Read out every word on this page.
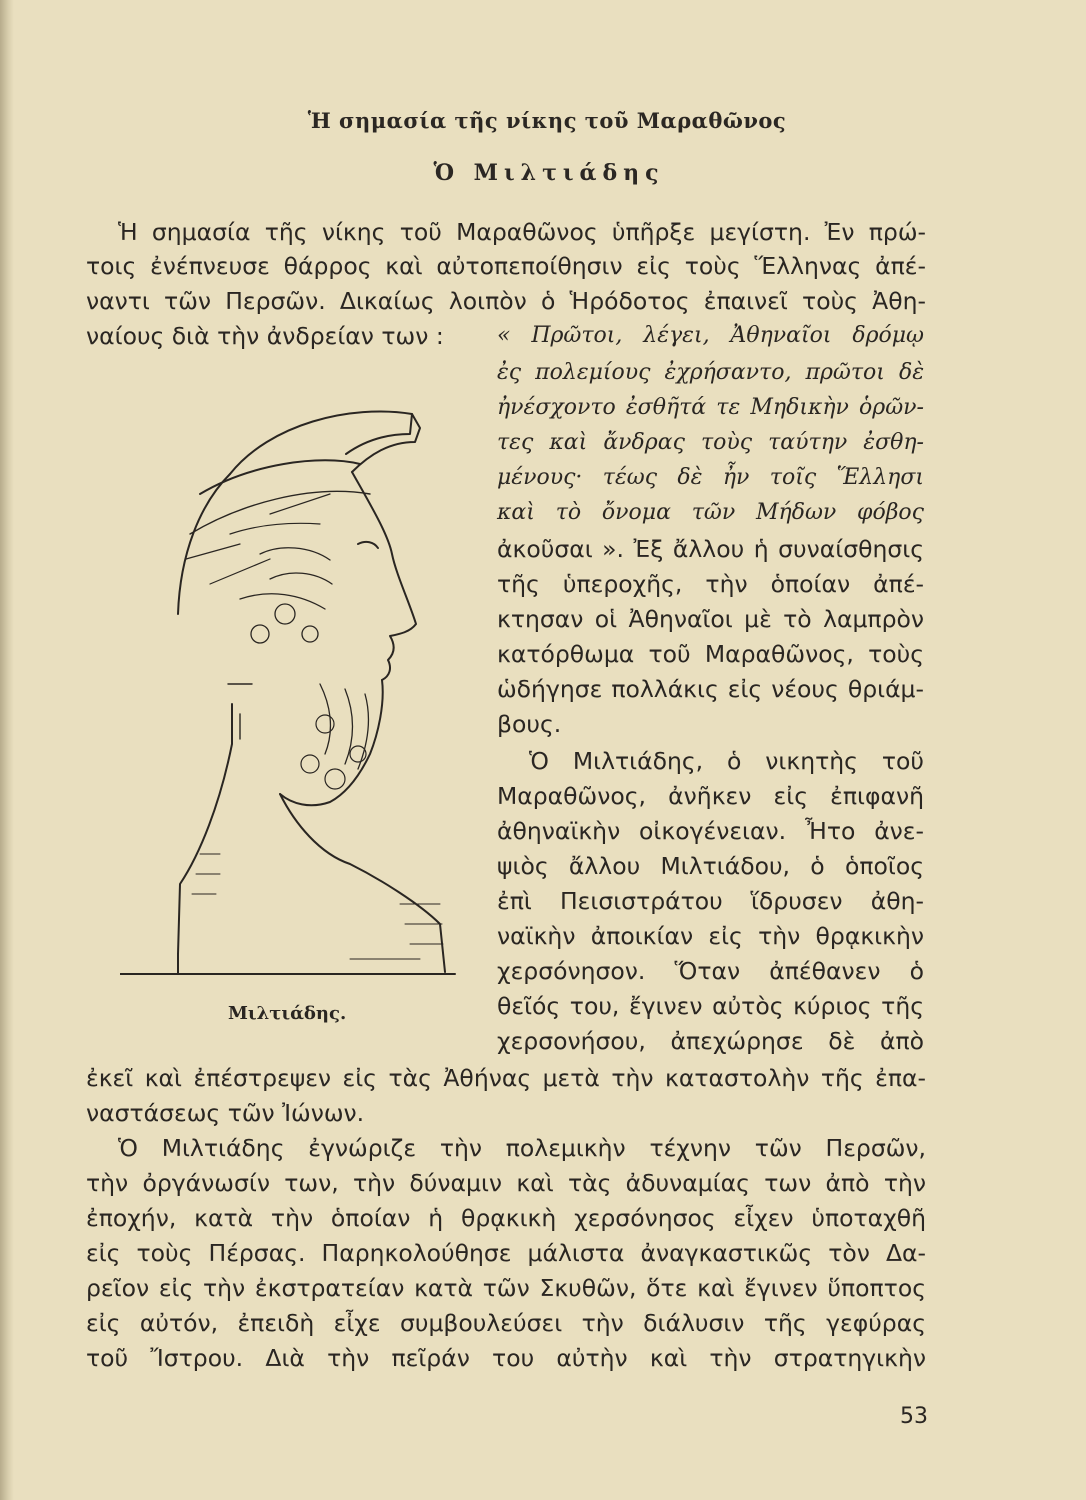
Ἡ σημασία τῆς νίκης τοῦ Μαραθῶνος
Ὁ Μιλτιάδης
Ἡ σημασία τῆς νίκης τοῦ Μαραθῶνος ὑπῆρξε μεγίστη. Ἐν πρώ-
τοις ἐνέπνευσε θάρρος καὶ αὐτοπεποίθησιν εἰς τοὺς Ἕλληνας ἀπέ-
ναντι τῶν Περσῶν. Δικαίως λοιπὸν ὁ Ἡρόδοτος ἐπαινεῖ τοὺς Ἀθη-
ναίους διὰ τὴν ἀνδρείαν των :	« Πρῶτοι, λέγει, Ἀθηναῖοι δρόμῳ
ἐς πολεμίους ἐχρήσαντο, πρῶτοι δὲ
ἠνέσχοντο ἐσθῆτά τε Μηδικὴν ὁρῶν-
τες καὶ ἄνδρας τοὺς ταύτην ἐσθη-
μένους· τέως δὲ ἦν τοῖς Ἕλλησι
καὶ τὸ ὄνομα τῶν Μήδων φόβος
ἀκοῦσαι ». Ἐξ ἄλλου ἡ συναίσθησις
τῆς ὑπεροχῆς, τὴν ὁποίαν ἀπέ-
κτησαν οἱ Ἀθηναῖοι μὲ τὸ λαμπρὸν
κατόρθωμα τοῦ Μαραθῶνος, τοὺς
ὡδήγησε πολλάκις εἰς νέους θριάμ-
βους.
Ὁ Μιλτιάδης, ὁ νικητὴς τοῦ
Μαραθῶνος, ἀνῆκεν εἰς ἐπιφανῆ
ἀθηναϊκὴν οἰκογένειαν. Ἦτο ἀνε-
ψιὸς ἄλλου Μιλτιάδου, ὁ ὁποῖος
ἐπὶ Πεισιστράτου ἵδρυσεν ἀθη-
ναϊκὴν ἀποικίαν εἰς τὴν θρᾳκικὴν
χερσόνησον. Ὅταν ἀπέθανεν ὁ
θεῖός του, ἔγινεν αὐτὸς κύριος τῆς
χερσονήσου, ἀπεχώρησε δὲ ἀπὸ
ἐκεῖ καὶ ἐπέστρεψεν εἰς τὰς Ἀθήνας μετὰ τὴν καταστολὴν τῆς ἐπα-
ναστάσεως τῶν Ἰώνων.
Ὁ Μιλτιάδης ἐγνώριζε τὴν πολεμικὴν τέχνην τῶν Περσῶν,
τὴν ὀργάνωσίν των, τὴν δύναμιν καὶ τὰς ἀδυναμίας των ἀπὸ τὴν
ἐποχήν, κατὰ τὴν ὁποίαν ἡ θρᾳκικὴ χερσόνησος εἶχεν ὑποταχθῆ
εἰς τοὺς Πέρσας. Παρηκολούθησε μάλιστα ἀναγκαστικῶς τὸν Δα-
ρεῖον εἰς τὴν ἐκστρατείαν κατὰ τῶν Σκυθῶν, ὅτε καὶ ἔγινεν ὕποπτος
εἰς αὐτόν, ἐπειδὴ εἶχε συμβουλεύσει τὴν διάλυσιν τῆς γεφύρας
τοῦ Ἴστρου. Διὰ τὴν πεῖράν του αὐτὴν καὶ τὴν στρατηγικὴν
Μιλτιάδης.
53
